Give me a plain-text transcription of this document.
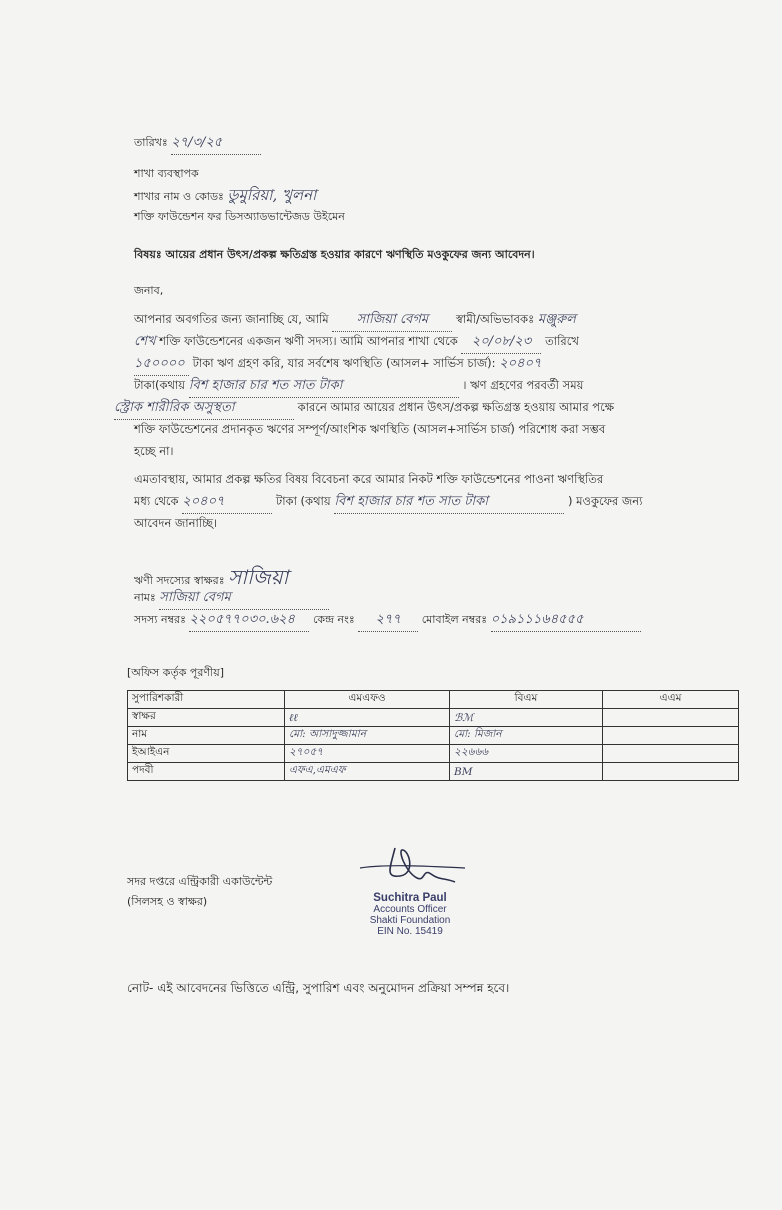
তারিখঃ ২৭/৩/২৫
শাখা ব্যবস্থাপক
শাখার নাম ও কোডঃ ডুমুরিয়া, খুলনা
শক্তি ফাউন্ডেশন ফর ডিসঅ্যাডভান্টেজড উইমেন
বিষয়ঃ আয়ের প্রধান উৎস/প্রকল্প ক্ষতিগ্রস্ত হওয়ার কারণে ঋণস্থিতি মওকুফের জন্য আবেদন।
জনাব,
আপনার অবগতির জন্য জানাচ্ছি যে, আমি সাজিয়া বেগম স্বামী/অভিভাবকঃ মঞ্জুরুল
শেখ শক্তি ফাউন্ডেশনের একজন ঋণী সদস্য। আমি আপনার শাখা থেকে ২০/০৮/২৩ তারিখে
১৫০০০০ টাকা ঋণ গ্রহণ করি, যার সর্বশেষ ঋণস্থিতি (আসল+ সার্ভিস চার্জ): ২০৪০৭
টাকা(কথায় বিশ হাজার চার শত সাত টাকা	। ঋণ গ্রহণের পরবর্তী সময়
স্ট্রোক শারীরিক অসুস্থতা	কারনে আমার আয়ের প্রধান উৎস/প্রকল্প ক্ষতিগ্রস্ত হওয়ায় আমার পক্ষে
শক্তি ফাউন্ডেশনের প্রদানকৃত ঋণের সম্পূর্ণ/আংশিক ঋণস্থিতি (আসল+সার্ভিস চার্জ) পরিশোধ করা সম্ভব
হচ্ছে না।
এমতাবস্থায়, আমার প্রকল্প ক্ষতির বিষয় বিবেচনা করে আমার নিকট শক্তি ফাউন্ডেশনের পাওনা ঋণস্থিতির
মধ্য থেকে ২০৪০৭	টাকা (কথায় বিশ হাজার চার শত সাত টাকা	) মওকুফের জন্য
আবেদন জানাচ্ছি।
ঋণী সদস্যের স্বাক্ষরঃ সাজিয়া
নামঃ সাজিয়া বেগম
সদস্য নম্বরঃ ২২০৫৭৭০৩০.৬২৪ কেন্দ্র নংঃ ২৭৭ মোবাইল নম্বরঃ ০১৯১১১৬৪৫৫৫
[অফিস কর্তৃক পূরণীয়]
সুপারিশকারী	এমএফও	বিএম	এএম
স্বাক্ষর	ℓℓ	ℬℳ	
নাম	মো: আসাদুজ্জামান	মো: মিজান	
ইআইএন	২৭০৫৭	২২৬৬৬	
পদবী	এফএ,এমএফ	BM	
সদর দপ্তরে এন্ট্রিকারী একাউন্টেন্ট
(সিলসহ ও স্বাক্ষর)	Suchitra Paul
Accounts Officer
Shakti Foundation
EIN No. 15419
নোট- এই আবেদনের ভিত্তিতে এন্ট্রি, সুপারিশ এবং অনুমোদন প্রক্রিয়া সম্পন্ন হবে।
